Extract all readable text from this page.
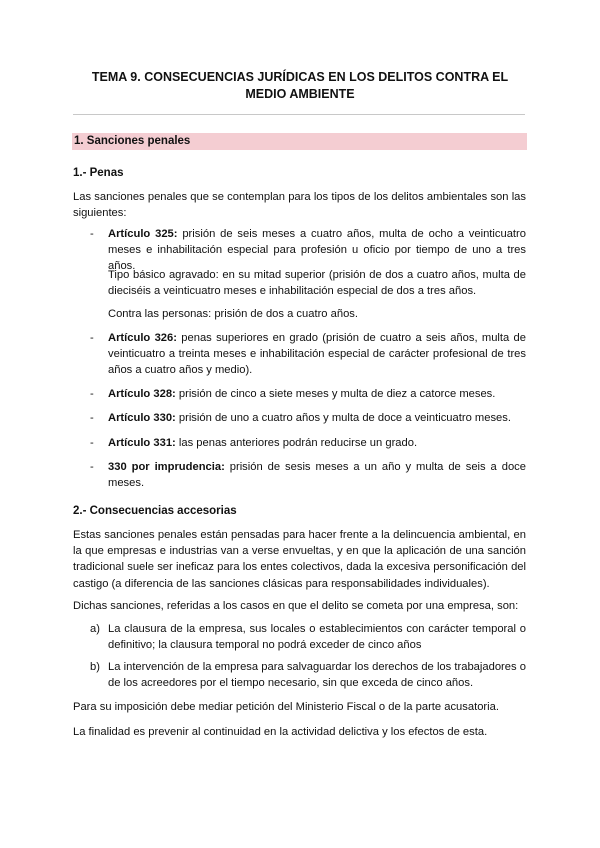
TEMA 9. CONSECUENCIAS JURÍDICAS EN LOS DELITOS CONTRA EL MEDIO AMBIENTE
1. Sanciones penales
1.- Penas
Las sanciones penales que se contemplan para los tipos de los delitos ambientales son las siguientes:
- Artículo 325: prisión de seis meses a cuatro años, multa de ocho a veinticuatro meses e inhabilitación especial para profesión u oficio por tiempo de uno a tres años.
Tipo básico agravado: en su mitad superior (prisión de dos a cuatro años, multa de dieciséis a veinticuatro meses e inhabilitación especial de dos a tres años.
Contra las personas: prisión de dos a cuatro años.
- Artículo 326: penas superiores en grado (prisión de cuatro a seis años, multa de veinticuatro a treinta meses e inhabilitación especial de carácter profesional de tres años a cuatro años y medio).
- Artículo 328: prisión de cinco a siete meses y multa de diez a catorce meses.
- Artículo 330: prisión de uno a cuatro años y multa de doce a veinticuatro meses.
- Artículo 331: las penas anteriores podrán reducirse un grado.
- 330 por imprudencia: prisión de sesis meses a un año y multa de seis a doce meses.
2.- Consecuencias accesorias
Estas sanciones penales están pensadas para hacer frente a la delincuencia ambiental, en la que empresas e industrias van a verse envueltas, y en que la aplicación de una sanción tradicional suele ser ineficaz para los entes colectivos, dada la excesiva personificación del castigo (a diferencia de las sanciones clásicas para responsabilidades individuales).
Dichas sanciones, referidas a los casos en que el delito se cometa por una empresa, son:
a) La clausura de la empresa, sus locales o establecimientos con carácter temporal o definitivo; la clausura temporal no podrá exceder de cinco años
b) La intervención de la empresa para salvaguardar los derechos de los trabajadores o de los acreedores por el tiempo necesario, sin que exceda de cinco años.
Para su imposición debe mediar petición del Ministerio Fiscal o de la parte acusatoria.
La finalidad es prevenir al continuidad en la actividad delictiva y los efectos de esta.
